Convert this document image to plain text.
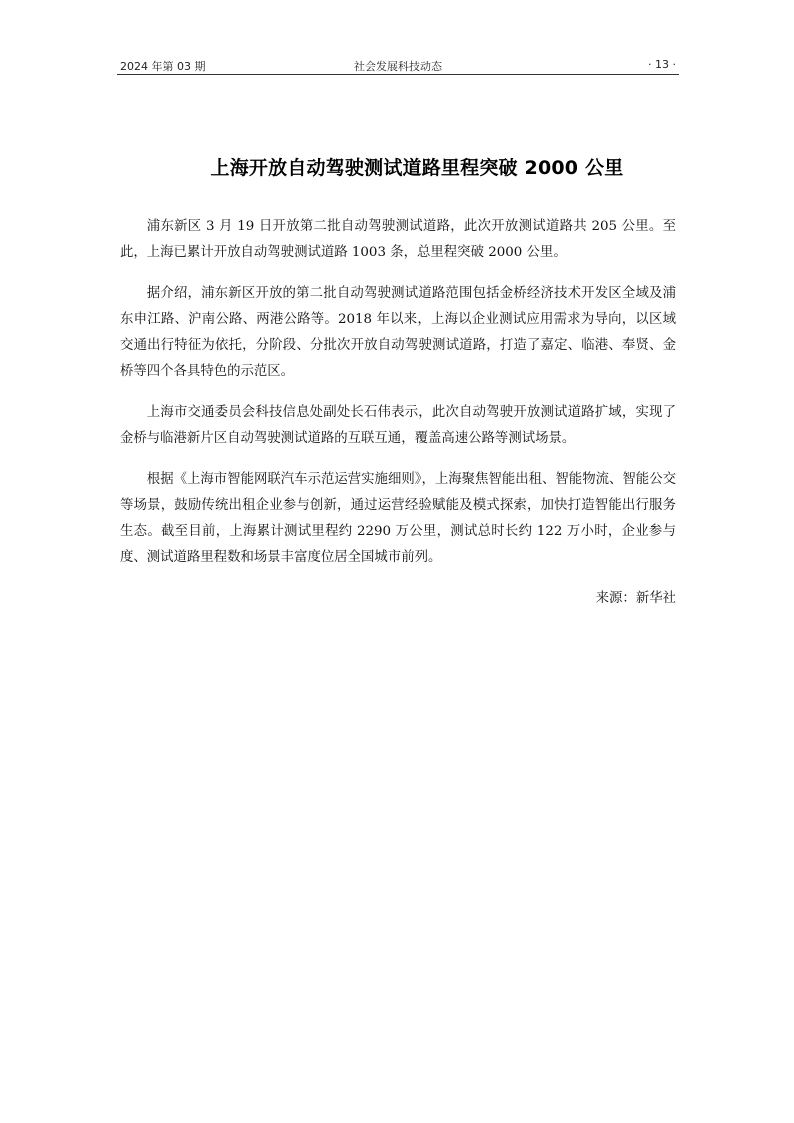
2024 年第 03 期	社会发展科技动态	· 13 ·
上海开放自动驾驶测试道路里程突破 2000 公里

浦东新区 3 月 19 日开放第二批自动驾驶测试道路，此次开放测试道路共 205 公里。至此，上海已累计开放自动驾驶测试道路 1003 条，总里程突破 2000 公里。

据介绍，浦东新区开放的第二批自动驾驶测试道路范围包括金桥经济技术开发区全域及浦东申江路、沪南公路、两港公路等。2018 年以来，上海以企业测试应用需求为导向，以区域交通出行特征为依托，分阶段、分批次开放自动驾驶测试道路，打造了嘉定、临港、奉贤、金桥等四个各具特色的示范区。

上海市交通委员会科技信息处副处长石伟表示，此次自动驾驶开放测试道路扩域，实现了金桥与临港新片区自动驾驶测试道路的互联互通，覆盖高速公路等测试场景。

根据《上海市智能网联汽车示范运营实施细则》，上海聚焦智能出租、智能物流、智能公交等场景，鼓励传统出租企业参与创新，通过运营经验赋能及模式探索，加快打造智能出行服务生态。截至目前，上海累计测试里程约 2290 万公里，测试总时长约 122 万小时，企业参与度、测试道路里程数和场景丰富度位居全国城市前列。

来源：新华社
